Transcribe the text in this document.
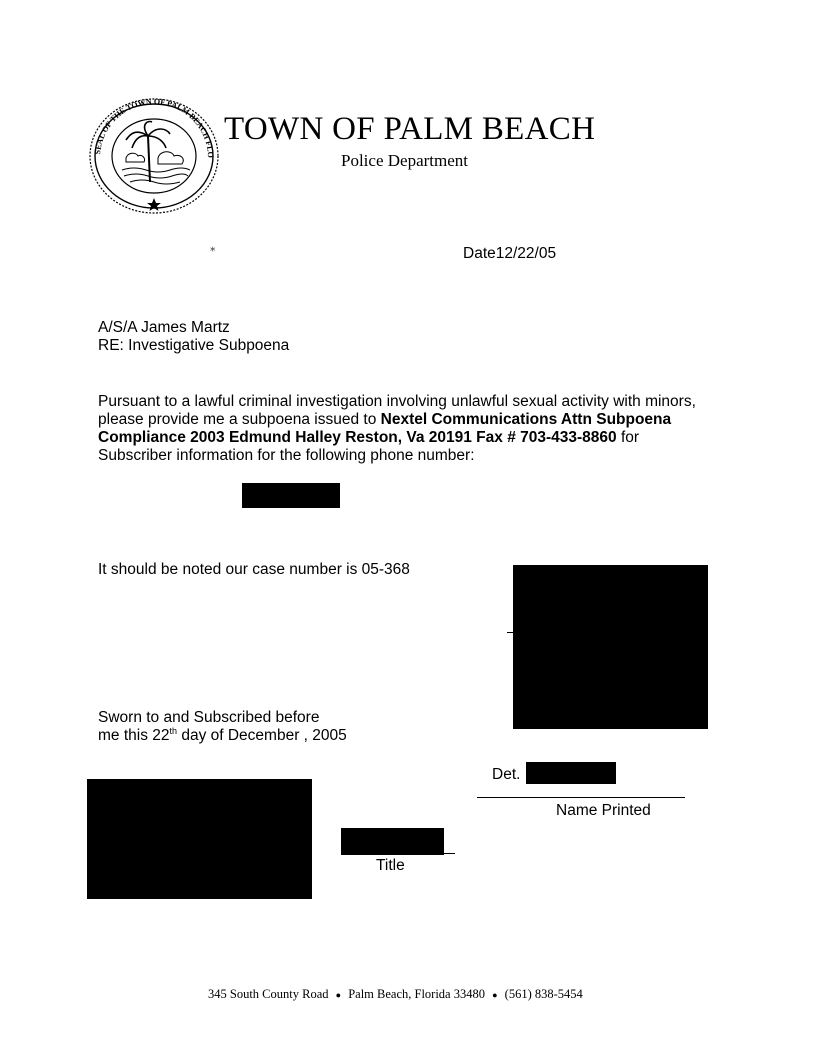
SEAL OF THE TOWN OF PALM BEACH FLO
TOWN OF PALM BEACH
Police Department
⁎	Date12/22/05
A/S/A James Martz
RE: Investigative Subpoena
Pursuant to a lawful criminal investigation involving unlawful sexual activity with minors,
please provide me a subpoena issued to Nextel Communications Attn Subpoena
Compliance 2003 Edmund Halley Reston, Va 20191 Fax # 703-433-8860 for
Subscriber information for the following phone number:
It should be noted our case number is 05-368
Sworn to and Subscribed before
me this 22th day of December , 2005
Det.
Name Printed
Title
345 South County Road ● Palm Beach, Florida 33480 ● (561) 838-5454
